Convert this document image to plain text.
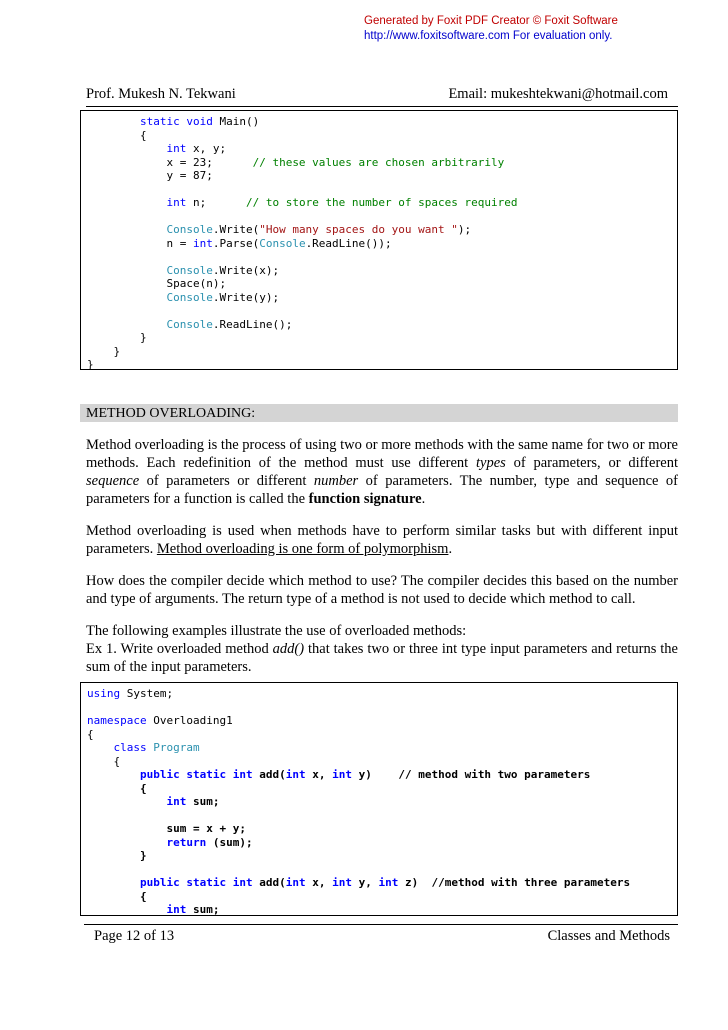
Generated by Foxit PDF Creator © Foxit Software
http://www.foxitsoftware.com For evaluation only.
Prof. Mukesh N. Tekwani	Email: mukeshtekwani@hotmail.com
static void Main()
{
int x, y;
x = 23;	// these values are chosen arbitrarily
y = 87;

int n;      // to store the number of spaces required

Console.Write("How many spaces do you want ");
n = int.Parse(Console.ReadLine());

Console.Write(x);
Space(n);
Console.Write(y);

Console.ReadLine();
}
}
}
METHOD OVERLOADING:

Method overloading is the process of using two or more methods with the same name for two or more methods. Each redefinition of the method must use different types of parameters, or different sequence of parameters or different number of parameters. The number, type and sequence of parameters for a function is called the function signature.

Method overloading is used when methods have to perform similar tasks but with different input parameters. Method overloading is one form of polymorphism.

How does the compiler decide which method to use? The compiler decides this based on the number and type of arguments. The return type of a method is not used to decide which method to call.

The following examples illustrate the use of overloaded methods:

Ex 1. Write overloaded method add() that takes two or three int type input parameters and returns the sum of the input parameters.

using System;

namespace Overloading1
{
class Program
{
public static int add(int x, int y)    // method with two parameters
{
int sum;

sum = x + y;
return (sum);
}

public static int add(int x, int y, int z)  //method with three parameters
{
int sum;
Page 12 of 13	Classes and Methods
